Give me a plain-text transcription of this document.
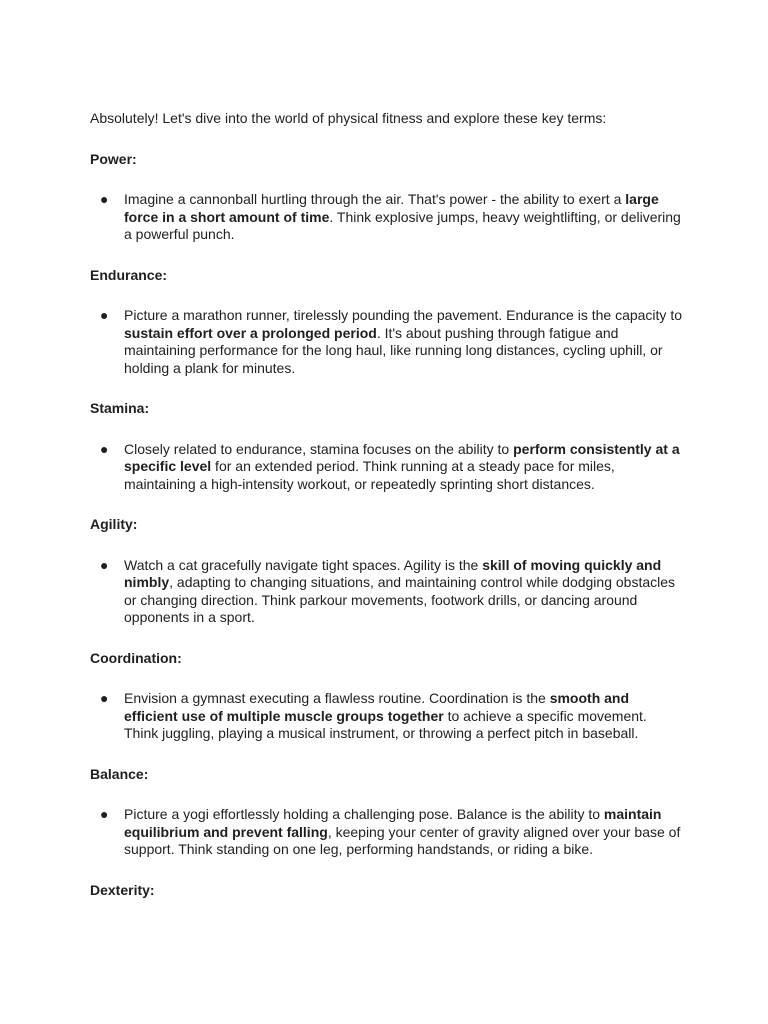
Absolutely! Let's dive into the world of physical fitness and explore these key terms:

Power:

● Imagine a cannonball hurtling through the air. That's power - the ability to exert a large force in a short amount of time. Think explosive jumps, heavy weightlifting, or delivering a powerful punch.

Endurance:

● Picture a marathon runner, tirelessly pounding the pavement. Endurance is the capacity to sustain effort over a prolonged period. It's about pushing through fatigue and maintaining performance for the long haul, like running long distances, cycling uphill, or holding a plank for minutes.

Stamina:

● Closely related to endurance, stamina focuses on the ability to perform consistently at a specific level for an extended period. Think running at a steady pace for miles, maintaining a high-intensity workout, or repeatedly sprinting short distances.

Agility:

● Watch a cat gracefully navigate tight spaces. Agility is the skill of moving quickly and nimbly, adapting to changing situations, and maintaining control while dodging obstacles or changing direction. Think parkour movements, footwork drills, or dancing around opponents in a sport.

Coordination:

● Envision a gymnast executing a flawless routine. Coordination is the smooth and efficient use of multiple muscle groups together to achieve a specific movement. Think juggling, playing a musical instrument, or throwing a perfect pitch in baseball.

Balance:

● Picture a yogi effortlessly holding a challenging pose. Balance is the ability to maintain equilibrium and prevent falling, keeping your center of gravity aligned over your base of support. Think standing on one leg, performing handstands, or riding a bike.

Dexterity:
